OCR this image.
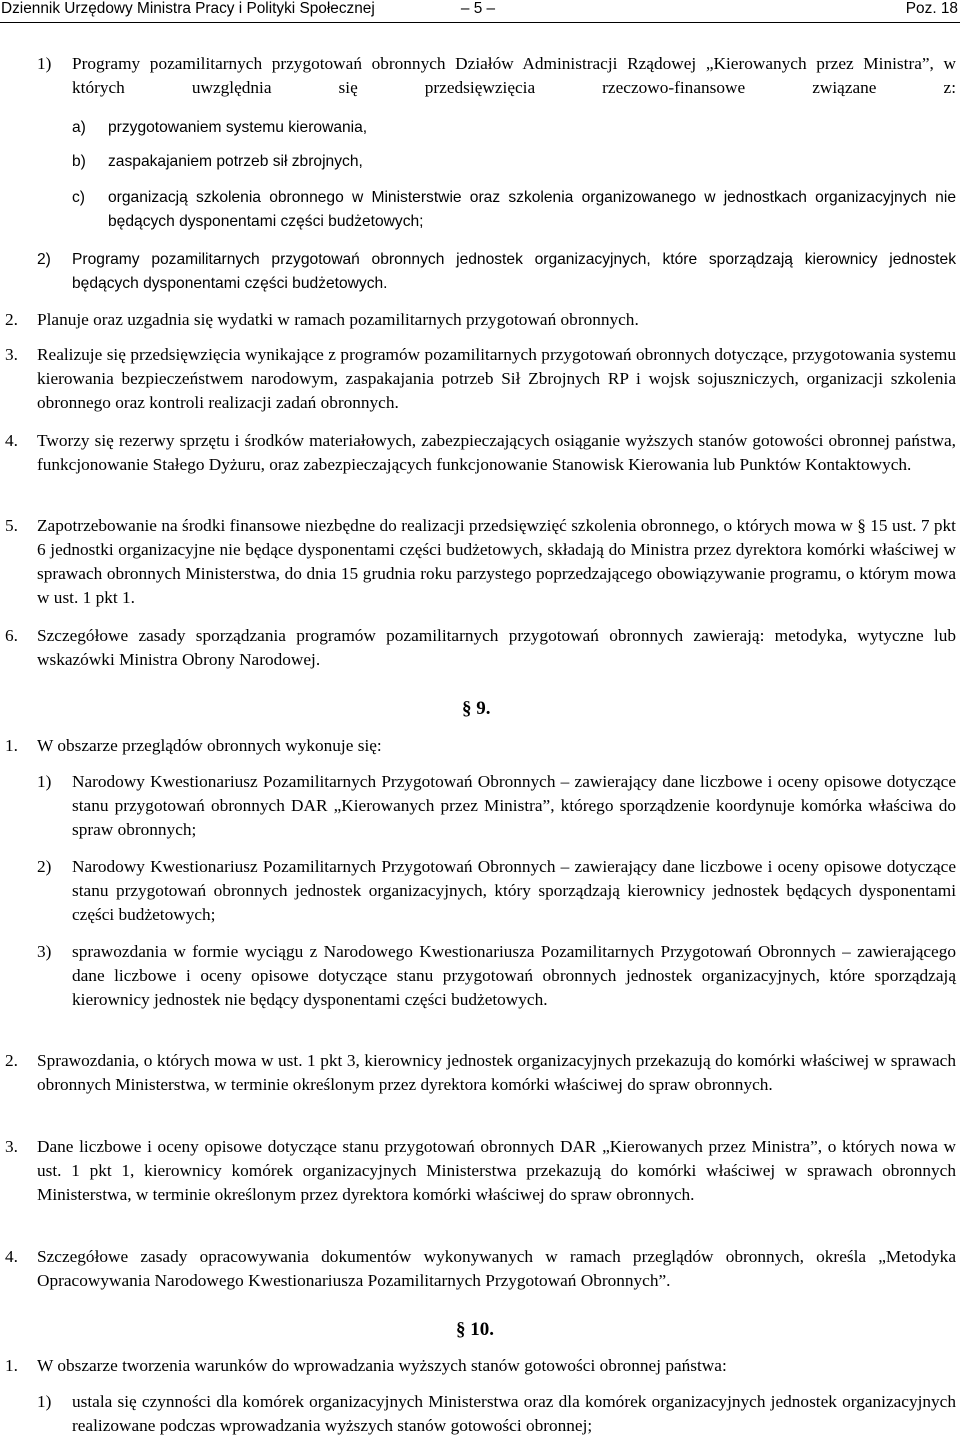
Dziennik Urzędowy Ministra Pracy i Polityki Społecznej	– 5 –	Poz. 18
1) Programy pozamilitarnych przygotowań obronnych Działów Administracji Rządowej „Kierowanych przez Ministra”, w których uwzględnia się przedsięwzięcia rzeczowo-finansowe związane z:
a) przygotowaniem systemu kierowania,
b) zaspakajaniem potrzeb sił zbrojnych,
c) organizacją szkolenia obronnego w Ministerstwie oraz szkolenia organizowanego w jednostkach organizacyjnych nie będących dysponentami części budżetowych;
2) Programy pozamilitarnych przygotowań obronnych jednostek organizacyjnych, które sporządzają kierownicy jednostek będących dysponentami części budżetowych.
2. Planuje oraz uzgadnia się wydatki w ramach pozamilitarnych przygotowań obronnych.
3. Realizuje się przedsięwzięcia wynikające z programów pozamilitarnych przygotowań obronnych dotyczące, przygotowania systemu kierowania bezpieczeństwem narodowym, zaspakajania potrzeb Sił Zbrojnych RP i wojsk sojuszniczych, organizacji szkolenia obronnego oraz kontroli realizacji zadań obronnych.
4. Tworzy się rezerwy sprzętu i środków materiałowych, zabezpieczających osiąganie wyższych stanów gotowości obronnej państwa, funkcjonowanie Stałego Dyżuru, oraz zabezpieczających funkcjonowanie Stanowisk Kierowania lub Punktów Kontaktowych.
5. Zapotrzebowanie na środki finansowe niezbędne do realizacji przedsięwzięć szkolenia obronnego, o których mowa w § 15 ust. 7 pkt 6 jednostki organizacyjne nie będące dysponentami części budżetowych, składają do Ministra przez dyrektora komórki właściwej w sprawach obronnych Ministerstwa, do dnia 15 grudnia roku parzystego poprzedzającego obowiązywanie programu, o którym mowa w ust. 1 pkt 1.
6. Szczegółowe zasady sporządzania programów pozamilitarnych przygotowań obronnych zawierają: metodyka, wytyczne lub wskazówki Ministra Obrony Narodowej.
§ 9.
1. W obszarze przeglądów obronnych wykonuje się:
1) Narodowy Kwestionariusz Pozamilitarnych Przygotowań Obronnych – zawierający dane liczbowe i oceny opisowe dotyczące stanu przygotowań obronnych DAR „Kierowanych przez Ministra”, którego sporządzenie koordynuje komórka właściwa do spraw obronnych;
2) Narodowy Kwestionariusz Pozamilitarnych Przygotowań Obronnych – zawierający dane liczbowe i oceny opisowe dotyczące stanu przygotowań obronnych jednostek organizacyjnych, który sporządzają kierownicy jednostek będących dysponentami części budżetowych;
3) sprawozdania w formie wyciągu z Narodowego Kwestionariusza Pozamilitarnych Przygotowań Obronnych – zawierającego dane liczbowe i oceny opisowe dotyczące stanu przygotowań obronnych jednostek organizacyjnych, które sporządzają kierownicy jednostek nie będący dysponentami części budżetowych.
2. Sprawozdania, o których mowa w ust. 1 pkt 3, kierownicy jednostek organizacyjnych przekazują do komórki właściwej w sprawach obronnych Ministerstwa, w terminie określonym przez dyrektora komórki właściwej do spraw obronnych.
3. Dane liczbowe i oceny opisowe dotyczące stanu przygotowań obronnych DAR „Kierowanych przez Ministra”, o których nowa w ust. 1 pkt 1, kierownicy komórek organizacyjnych Ministerstwa przekazują do komórki właściwej w sprawach obronnych Ministerstwa, w terminie określonym przez dyrektora komórki właściwej do spraw obronnych.
4. Szczegółowe zasady opracowywania dokumentów wykonywanych w ramach przeglądów obronnych, określa „Metodyka Opracowywania Narodowego Kwestionariusza Pozamilitarnych Przygotowań Obronnych”.
§ 10.
1. W obszarze tworzenia warunków do wprowadzania wyższych stanów gotowości obronnej państwa:
1) ustala się czynności dla komórek organizacyjnych Ministerstwa oraz dla komórek organizacyjnych jednostek organizacyjnych realizowane podczas wprowadzania wyższych stanów gotowości obronnej;
